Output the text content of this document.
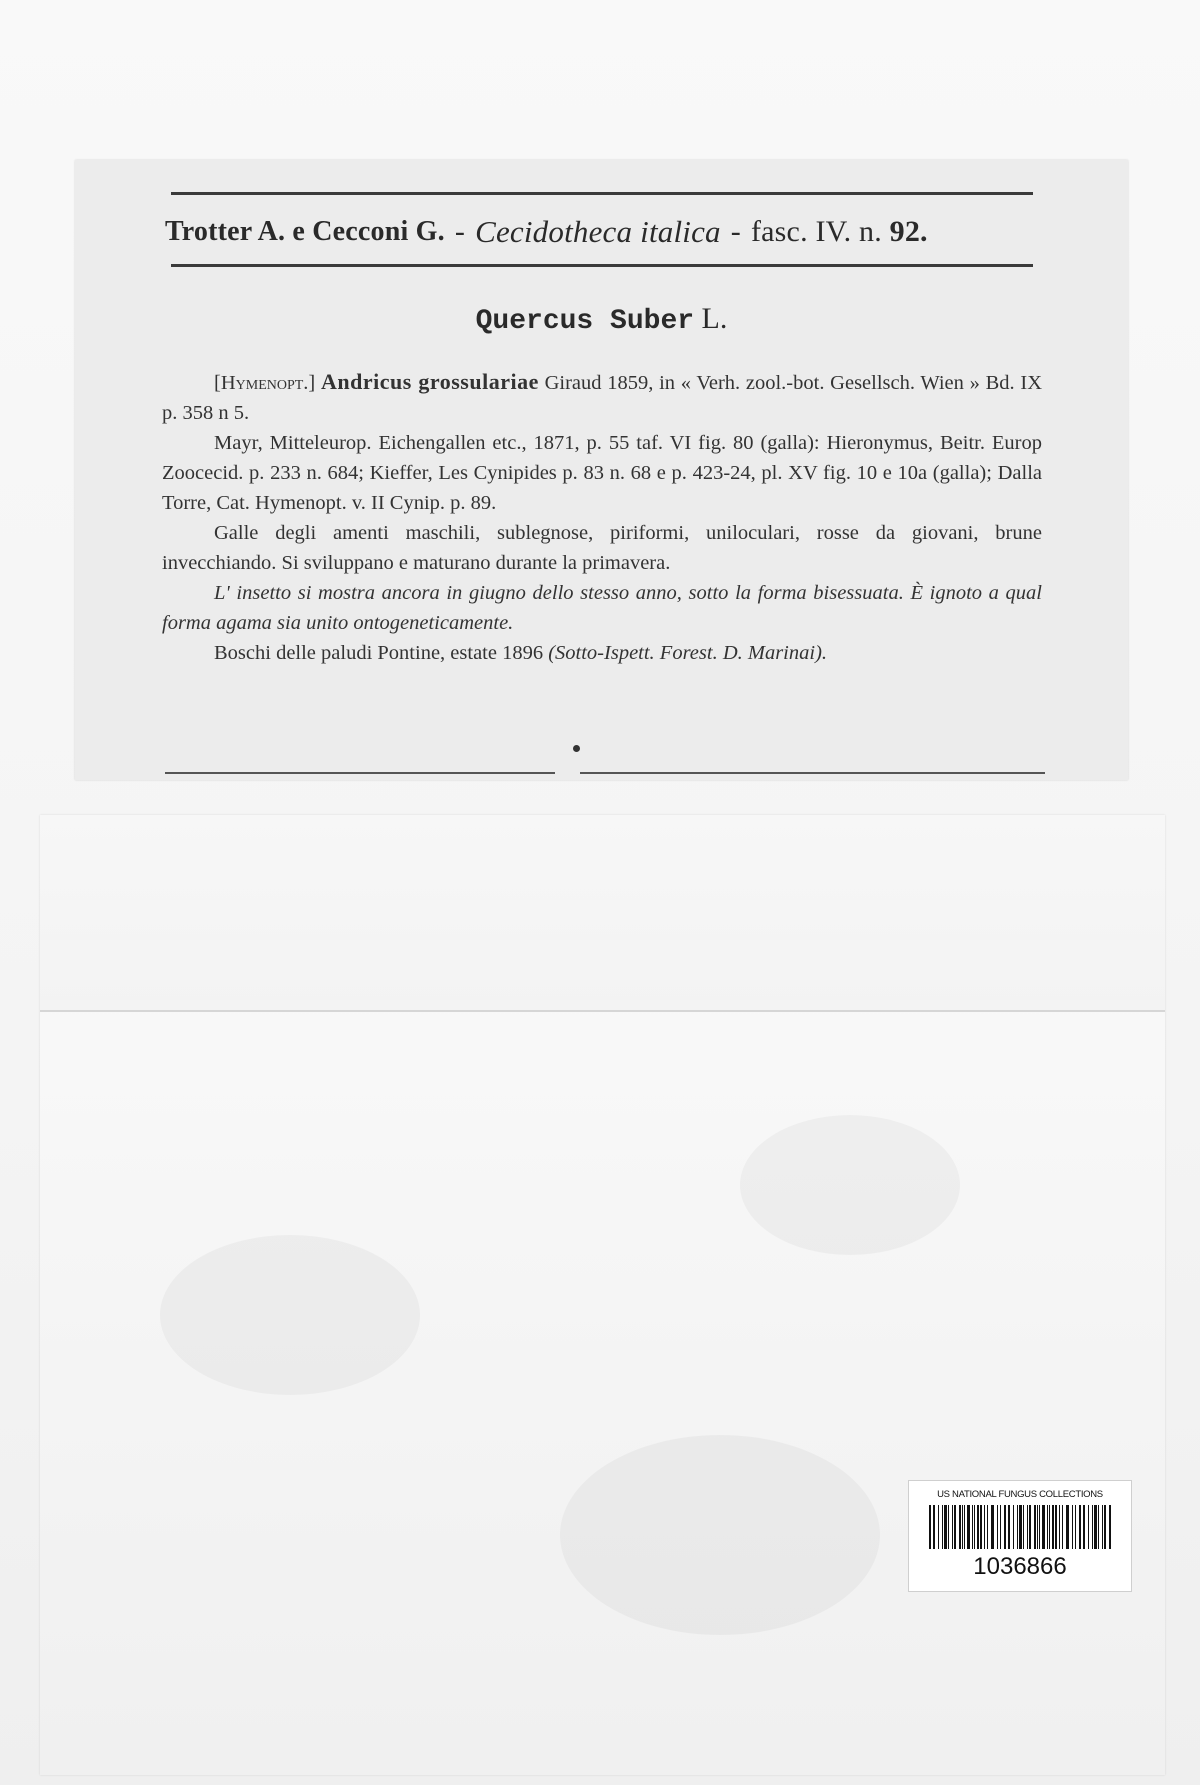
Trotter A. e Cecconi G. - Cecidotheca italica - fasc. IV. n. 92.
Quercus Suber L.

[Hymenopt.] Andricus grossulariae Giraud 1859, in « Verh. zool.-bot. Gesellsch. Wien » Bd. IX p. 358 n 5.

Mayr, Mitteleurop. Eichengallen etc., 1871, p. 55 taf. VI fig. 80 (galla): Hieronymus, Beitr. Europ Zoocecid. p. 233 n. 684; Kieffer, Les Cynipides p. 83 n. 68 e p. 423-24, pl. XV fig. 10 e 10a (galla); Dalla Torre, Cat. Hymenopt. v. II Cynip. p. 89.

Galle degli amenti maschili, sublegnose, piriformi, uniloculari, rosse da giovani, brune invecchiando. Si sviluppano e maturano durante la primavera.

L' insetto si mostra ancora in giugno dello stesso anno, sotto la forma bisessuata. È ignoto a qual forma agama sia unito ontogeneticamente.

Boschi delle paludi Pontine, estate 1896 (Sotto-Ispett. Forest. D. Marinai).

US NATIONAL FUNGUS COLLECTIONS
1036866
